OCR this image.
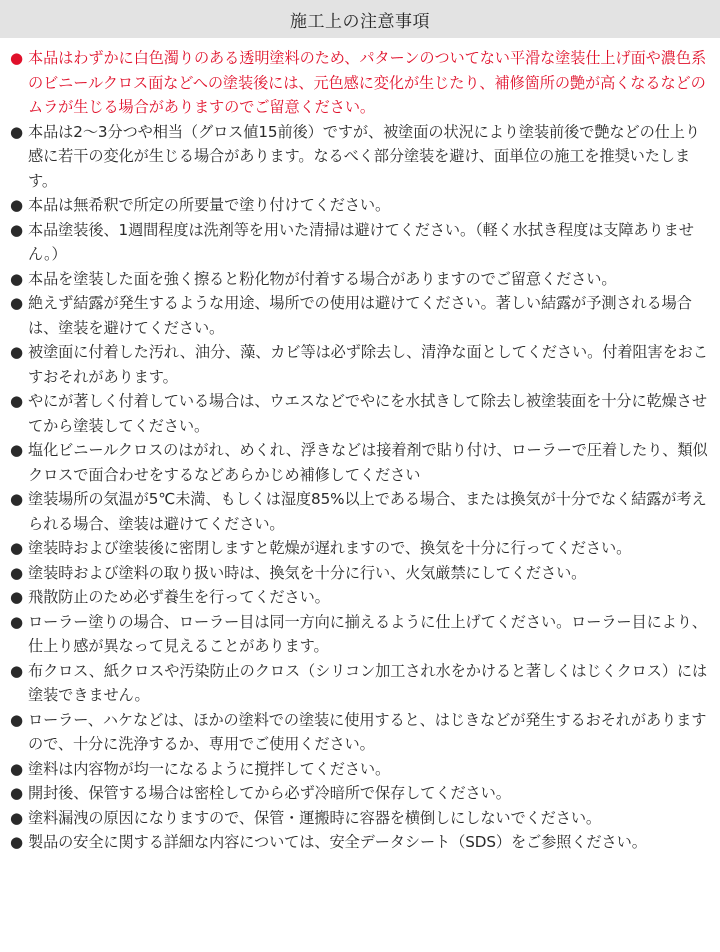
施工上の注意事項
● 本品はわずかに白色濁りのある透明塗料のため、パターンのついてない平滑な塗装仕上げ面や濃色系のビニールクロス面などへの塗装後には、元色感に変化が生じたり、補修箇所の艶が高くなるなどのムラが生じる場合がありますのでご留意ください。
● 本品は2～3分つや相当（グロス値15前後）ですが、被塗面の状況により塗装前後で艶などの仕上り感に若干の変化が生じる場合があります。なるべく部分塗装を避け、面単位の施工を推奨いたします。
● 本品は無希釈で所定の所要量で塗り付けてください。
● 本品塗装後、1週間程度は洗剤等を用いた清掃は避けてください。（軽く水拭き程度は支障ありません。）
● 本品を塗装した面を強く擦ると粉化物が付着する場合がありますのでご留意ください。
● 絶えず結露が発生するような用途、場所での使用は避けてください。著しい結露が予測される場合は、塗装を避けてください。
● 被塗面に付着した汚れ、油分、藻、カビ等は必ず除去し、清浄な面としてください。付着阻害をおこすおそれがあります。
● やにが著しく付着している場合は、ウエスなどでやにを水拭きして除去し被塗装面を十分に乾燥させてから塗装してください。
● 塩化ビニールクロスのはがれ、めくれ、浮きなどは接着剤で貼り付け、ローラーで圧着したり、類似クロスで面合わせをするなどあらかじめ補修してください
● 塗装場所の気温が5℃未満、もしくは湿度85%以上である場合、または換気が十分でなく結露が考えられる場合、塗装は避けてください。
● 塗装時および塗装後に密閉しますと乾燥が遅れますので、換気を十分に行ってください。
● 塗装時および塗料の取り扱い時は、換気を十分に行い、火気厳禁にしてください。
● 飛散防止のため必ず養生を行ってください。
● ローラー塗りの場合、ローラー目は同一方向に揃えるように仕上げてください。ローラー目により、仕上り感が異なって見えることがあります。
● 布クロス、紙クロスや汚染防止のクロス（シリコン加工され水をかけると著しくはじくクロス）には塗装できません。
● ローラー、ハケなどは、ほかの塗料での塗装に使用すると、はじきなどが発生するおそれがありますので、十分に洗浄するか、専用でご使用ください。
● 塗料は内容物が均一になるように撹拌してください。
● 開封後、保管する場合は密栓してから必ず冷暗所で保存してください。
● 塗料漏洩の原因になりますので、保管・運搬時に容器を横倒しにしないでください。
● 製品の安全に関する詳細な内容については、安全データシート（SDS）をご参照ください。
